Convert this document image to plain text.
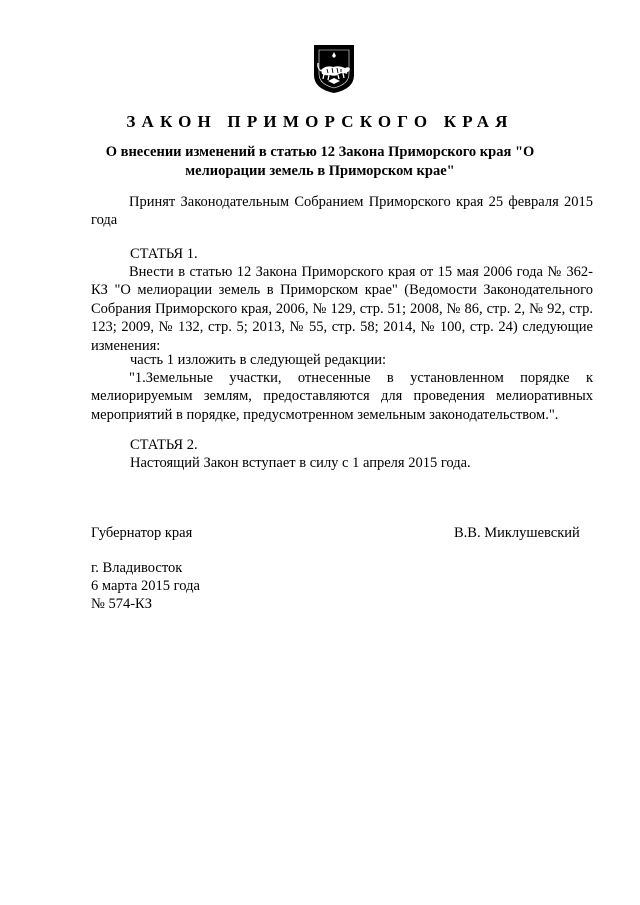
ЗАКОН ПРИМОРСКОГО КРАЯ
О внесении изменений в статью 12 Закона Приморского края "О мелиорации земель в Приморском крае"
Принят Законодательным Собранием Приморского края 25 февраля 2015 года
СТАТЬЯ 1.
Внести в статью 12 Закона Приморского края от 15 мая 2006 года № 362-КЗ "О мелиорации земель в Приморском крае" (Ведомости Законодательного Собрания Приморского края, 2006, № 129, стр. 51; 2008, № 86, стр. 2, № 92, стр. 123; 2009, № 132, стр. 5; 2013, № 55, стр. 58; 2014, № 100, стр. 24) следующие изменения:
часть 1 изложить в следующей редакции:
"1.Земельные участки, отнесенные в установленном порядке к мелиорируемым землям, предоставляются для проведения мелиоративных мероприятий в порядке, предусмотренном земельным законодательством.".
СТАТЬЯ 2.
Настоящий Закон вступает в силу с 1 апреля 2015 года.
Губернатор края	В.В. Миклушевский
г. Владивосток
6 марта 2015 года
№ 574-КЗ
